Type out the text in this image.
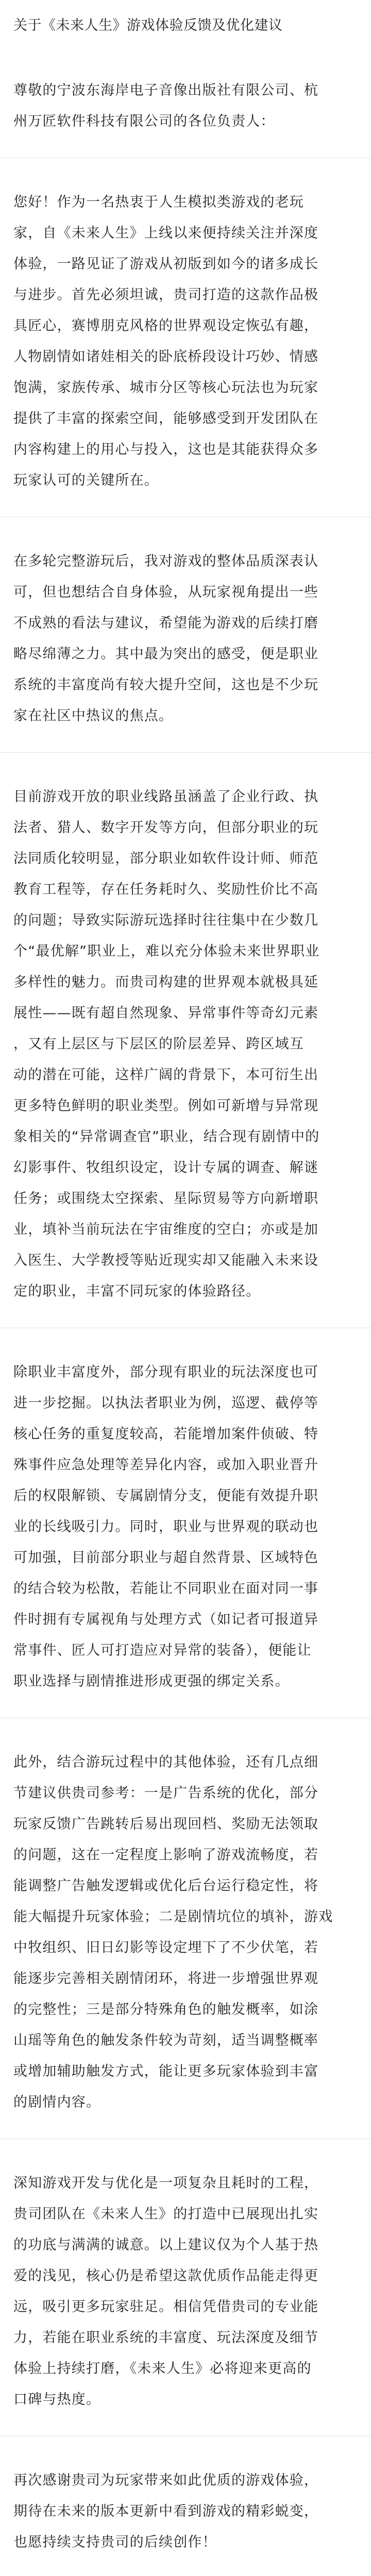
关于《未来人生》游戏体验反馈及优化建议

尊敬的宁波东海岸电子音像出版社有限公司、杭
州万匠软件科技有限公司的各位负责人：

您好！作为一名热衷于人生模拟类游戏的老玩
家，自《未来人生》上线以来便持续关注并深度
体验，一路见证了游戏从初版到如今的诸多成长
与进步。首先必须坦诚，贵司打造的这款作品极
具匠心，赛博朋克风格的世界观设定恢弘有趣，
人物剧情如诸娃相关的卧底桥段设计巧妙、情感
饱满，家族传承、城市分区等核心玩法也为玩家
提供了丰富的探索空间，能够感受到开发团队在
内容构建上的用心与投入，这也是其能获得众多
玩家认可的关键所在。

在多轮完整游玩后，我对游戏的整体品质深表认
可，但也想结合自身体验，从玩家视角提出一些
不成熟的看法与建议，希望能为游戏的后续打磨
略尽绵薄之力。其中最为突出的感受，便是职业
系统的丰富度尚有较大提升空间，这也是不少玩
家在社区中热议的焦点。

目前游戏开放的职业线路虽涵盖了企业行政、执
法者、猎人、数字开发等方向，但部分职业的玩
法同质化较明显，部分职业如软件设计师、师范
教育工程等，存在任务耗时久、奖励性价比不高
的问题；导致实际游玩选择时往往集中在少数几
个“最优解”职业上，难以充分体验未来世界职业
多样性的魅力。而贵司构建的世界观本就极具延
展性——既有超自然现象、异常事件等奇幻元素
，又有上层区与下层区的阶层差异、跨区域互
动的潜在可能，这样广阔的背景下，本可衍生出
更多特色鲜明的职业类型。例如可新增与异常现
象相关的“异常调查官”职业，结合现有剧情中的
幻影事件、牧组织设定，设计专属的调查、解谜
任务；或围绕太空探索、星际贸易等方向新增职
业，填补当前玩法在宇宙维度的空白；亦或是加
入医生、大学教授等贴近现实却又能融入未来设
定的职业，丰富不同玩家的体验路径。

除职业丰富度外，部分现有职业的玩法深度也可
进一步挖掘。以执法者职业为例，巡逻、截停等
核心任务的重复度较高，若能增加案件侦破、特
殊事件应急处理等差异化内容，或加入职业晋升
后的权限解锁、专属剧情分支，便能有效提升职
业的长线吸引力。同时，职业与世界观的联动也
可加强，目前部分职业与超自然背景、区域特色
的结合较为松散，若能让不同职业在面对同一事
件时拥有专属视角与处理方式（如记者可报道异
常事件、匠人可打造应对异常的装备），便能让
职业选择与剧情推进形成更强的绑定关系。

此外，结合游玩过程中的其他体验，还有几点细
节建议供贵司参考：一是广告系统的优化，部分
玩家反馈广告跳转后易出现回档、奖励无法领取
的问题，这在一定程度上影响了游戏流畅度，若
能调整广告触发逻辑或优化后台运行稳定性，将
能大幅提升玩家体验；二是剧情坑位的填补，游戏
中牧组织、旧日幻影等设定埋下了不少伏笔，若
能逐步完善相关剧情闭环，将进一步增强世界观
的完整性；三是部分特殊角色的触发概率，如涂
山瑶等角色的触发条件较为苛刻，适当调整概率
或增加辅助触发方式，能让更多玩家体验到丰富
的剧情内容。

深知游戏开发与优化是一项复杂且耗时的工程，
贵司团队在《未来人生》的打造中已展现出扎实
的功底与满满的诚意。以上建议仅为个人基于热
爱的浅见，核心仍是希望这款优质作品能走得更
远，吸引更多玩家驻足。相信凭借贵司的专业能
力，若能在职业系统的丰富度、玩法深度及细节
体验上持续打磨，《未来人生》必将迎来更高的
口碑与热度。

再次感谢贵司为玩家带来如此优质的游戏体验，
期待在未来的版本更新中看到游戏的精彩蜕变，
也愿持续支持贵司的后续创作！
